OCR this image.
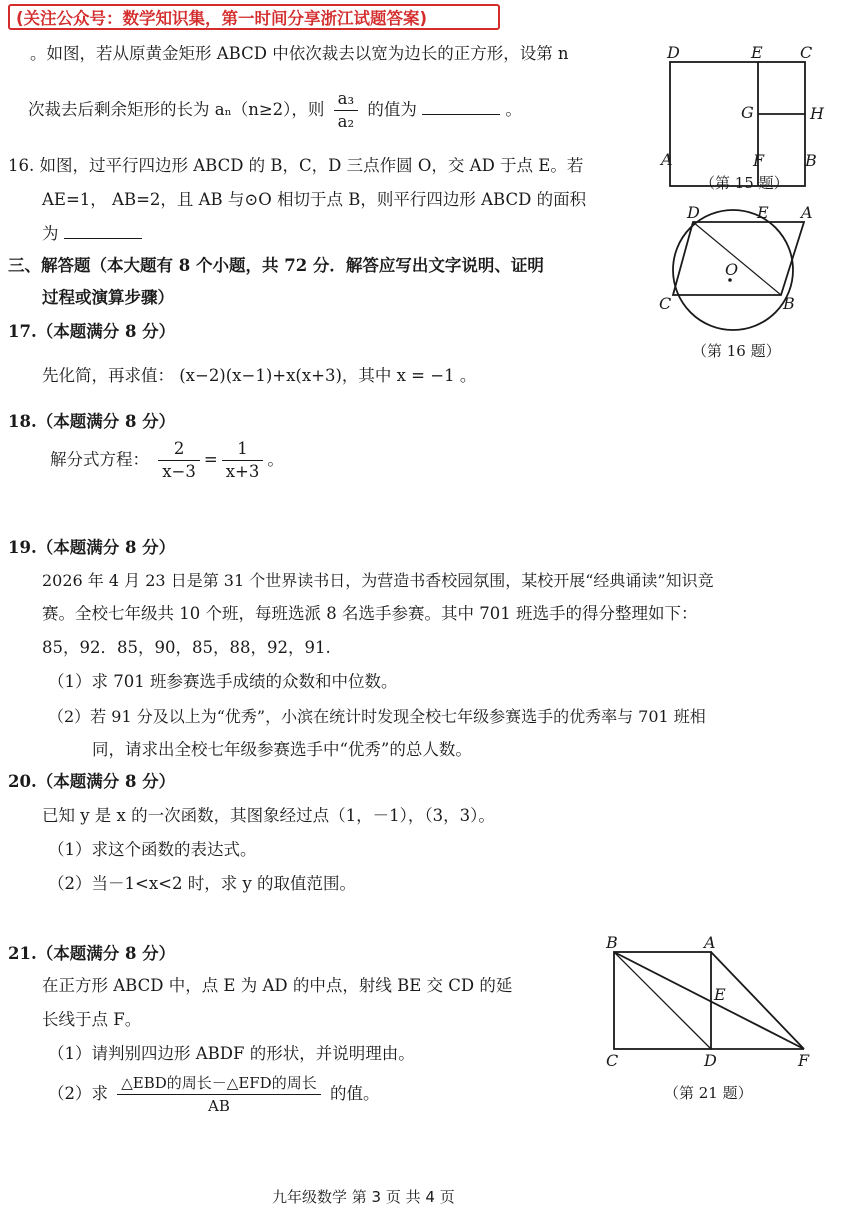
(关注公众号：数学知识集，第一时间分享浙江试题答案)
。如图，若从原黄金矩形 ABCD 中依次裁去以宽为边长的正方形，设第 n
次裁去后剩余矩形的长为 aₙ（n≥2），则 $\frac{\text{a₃}}{\text{a₂}}$ 的值为	。
16. 如图，过平行四边形 ABCD 的 B，C，D 三点作圆 O，交 AD 于点 E。若
AE=1， AB=2，且 AB 与⊙O 相切于点 B，则平行四边形 ABCD 的面积
为
三、解答题（本大题有 8 个小题，共 72 分．解答应写出文字说明、证明
过程或演算步骤）
17.（本题满分 8 分）
先化简，再求值： (x−2)(x−1)+x(x+3)，其中 x = −1 。
18.（本题满分 8 分）
解分式方程： $\frac{2}{x-3} = \frac{1}{x+3}$ 。
19.（本题满分 8 分）
2026 年 4 月 23 日是第 31 个世界读书日，为营造书香校园氛围，某校开展“经典诵读”知识竞
赛。全校七年级共 10 个班，每班选派 8 名选手参赛。其中 701 班选手的得分整理如下：
85，92．85，90，85，88，92，91.
（1）求 701 班参赛选手成绩的众数和中位数。
（2）若 91 分及以上为“优秀”，小滨在统计时发现全校七年级参赛选手的优秀率与 701 班相
同，请求出全校七年级参赛选手中“优秀”的总人数。
20.（本题满分 8 分）
已知 y 是 x 的一次函数，其图象经过点（1，－1），（3，3）。
（1）求这个函数的表达式。
（2）当－1<x<2 时，求 y 的取值范围。
21.（本题满分 8 分）
在正方形 ABCD 中，点 E 为 AD 的中点，射线 BE 交 CD 的延
长线于点 F。
（1）请判别四边形 ABDF 的形状，并说明理由。
（2）求 $\frac{\text{△EBD的周长－△EFD的周长}}{AB}$ 的值。
D	E C
G	H
A	F	B
（第 15 题）
D	E A
O
C	B
（第 16 题）
B	A
E
C	D	F
（第 21 题）
九年级数学 第 3 页 共 4 页
